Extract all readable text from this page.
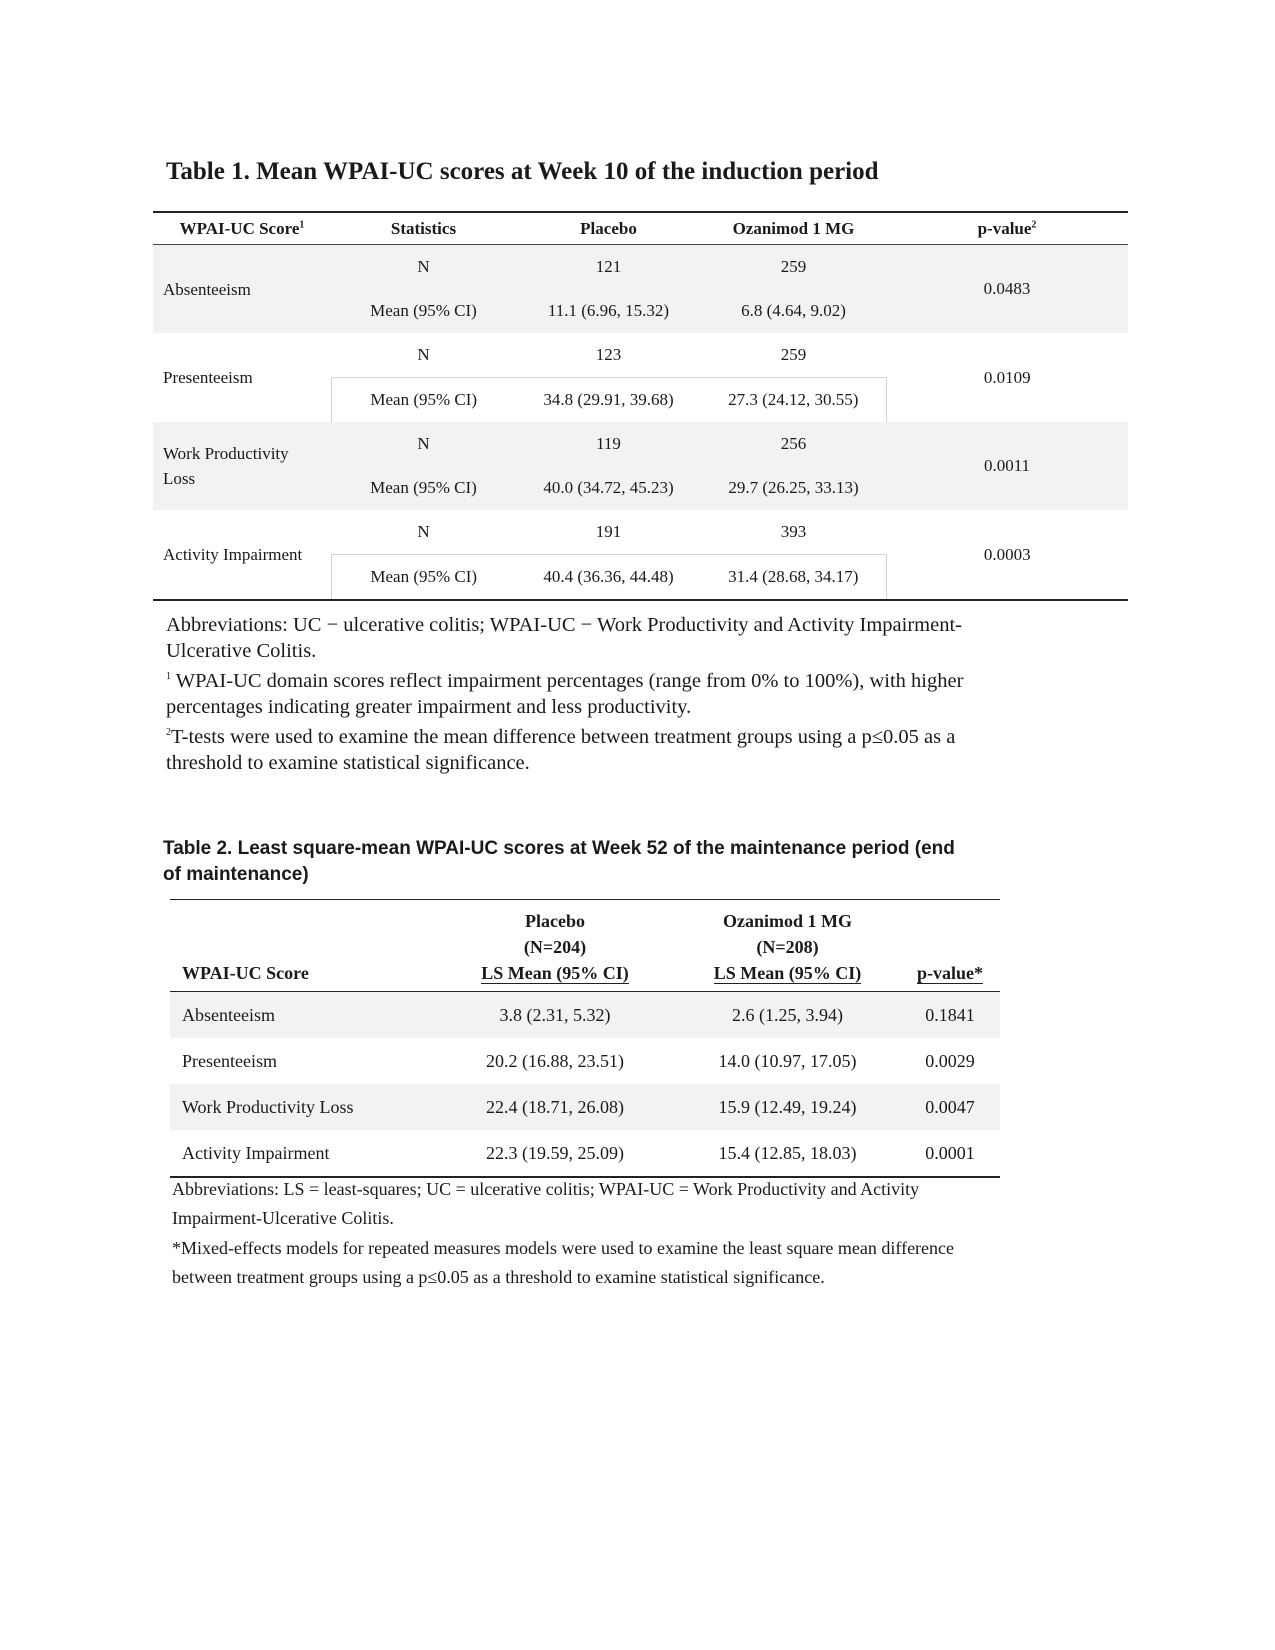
Table 1. Mean WPAI-UC scores at Week 10 of the induction period
WPAI-UC Score$^1$	Statistics	Placebo	Ozanimod 1 MG	p-value$^2$
Absenteeism	N	121	259	0.0483
	Mean (95% CI)	11.1 (6.96, 15.32)	6.8 (4.64, 9.02)	
Presenteeism	N	123	259	0.0109
	Mean (95% CI)	34.8 (29.91, 39.68)	27.3 (24.12, 30.55)	
Work Productivity
Loss	N	119	256	0.0011
	Mean (95% CI)	40.0 (34.72, 45.23)	29.7 (26.25, 33.13)	
Activity Impairment	N	191	393	0.0003
	Mean (95% CI)	40.4 (36.36, 44.48)	31.4 (28.68, 34.17)	

Abbreviations: UC − ulcerative colitis; WPAI-UC − Work Productivity and Activity Impairment-
Ulcerative Colitis.

$^1$ WPAI-UC domain scores reflect impairment percentages (range from 0% to 100%), with higher
percentages indicating greater impairment and less productivity.

$^2$T-tests were used to examine the mean difference between treatment groups using a p≤0.05 as a
threshold to examine statistical significance.

Table 2. Least square-mean WPAI-UC scores at Week 52 of the maintenance period (end
of maintenance)
WPAI-UC Score	Placebo
(N=204)
LS Mean (95% CI)	Ozanimod 1 MG
(N=208)
LS Mean (95% CI)	p-value*
Absenteeism	3.8 (2.31, 5.32)	2.6 (1.25, 3.94)	0.1841
Presenteeism	20.2 (16.88, 23.51)	14.0 (10.97, 17.05)	0.0029
Work Productivity Loss	22.4 (18.71, 26.08)	15.9 (12.49, 19.24)	0.0047
Activity Impairment	22.3 (19.59, 25.09)	15.4 (12.85, 18.03)	0.0001

Abbreviations: LS = least-squares; UC = ulcerative colitis; WPAI-UC = Work Productivity and Activity
Impairment-Ulcerative Colitis.

*Mixed-effects models for repeated measures models were used to examine the least square mean difference
between treatment groups using a p≤0.05 as a threshold to examine statistical significance.
